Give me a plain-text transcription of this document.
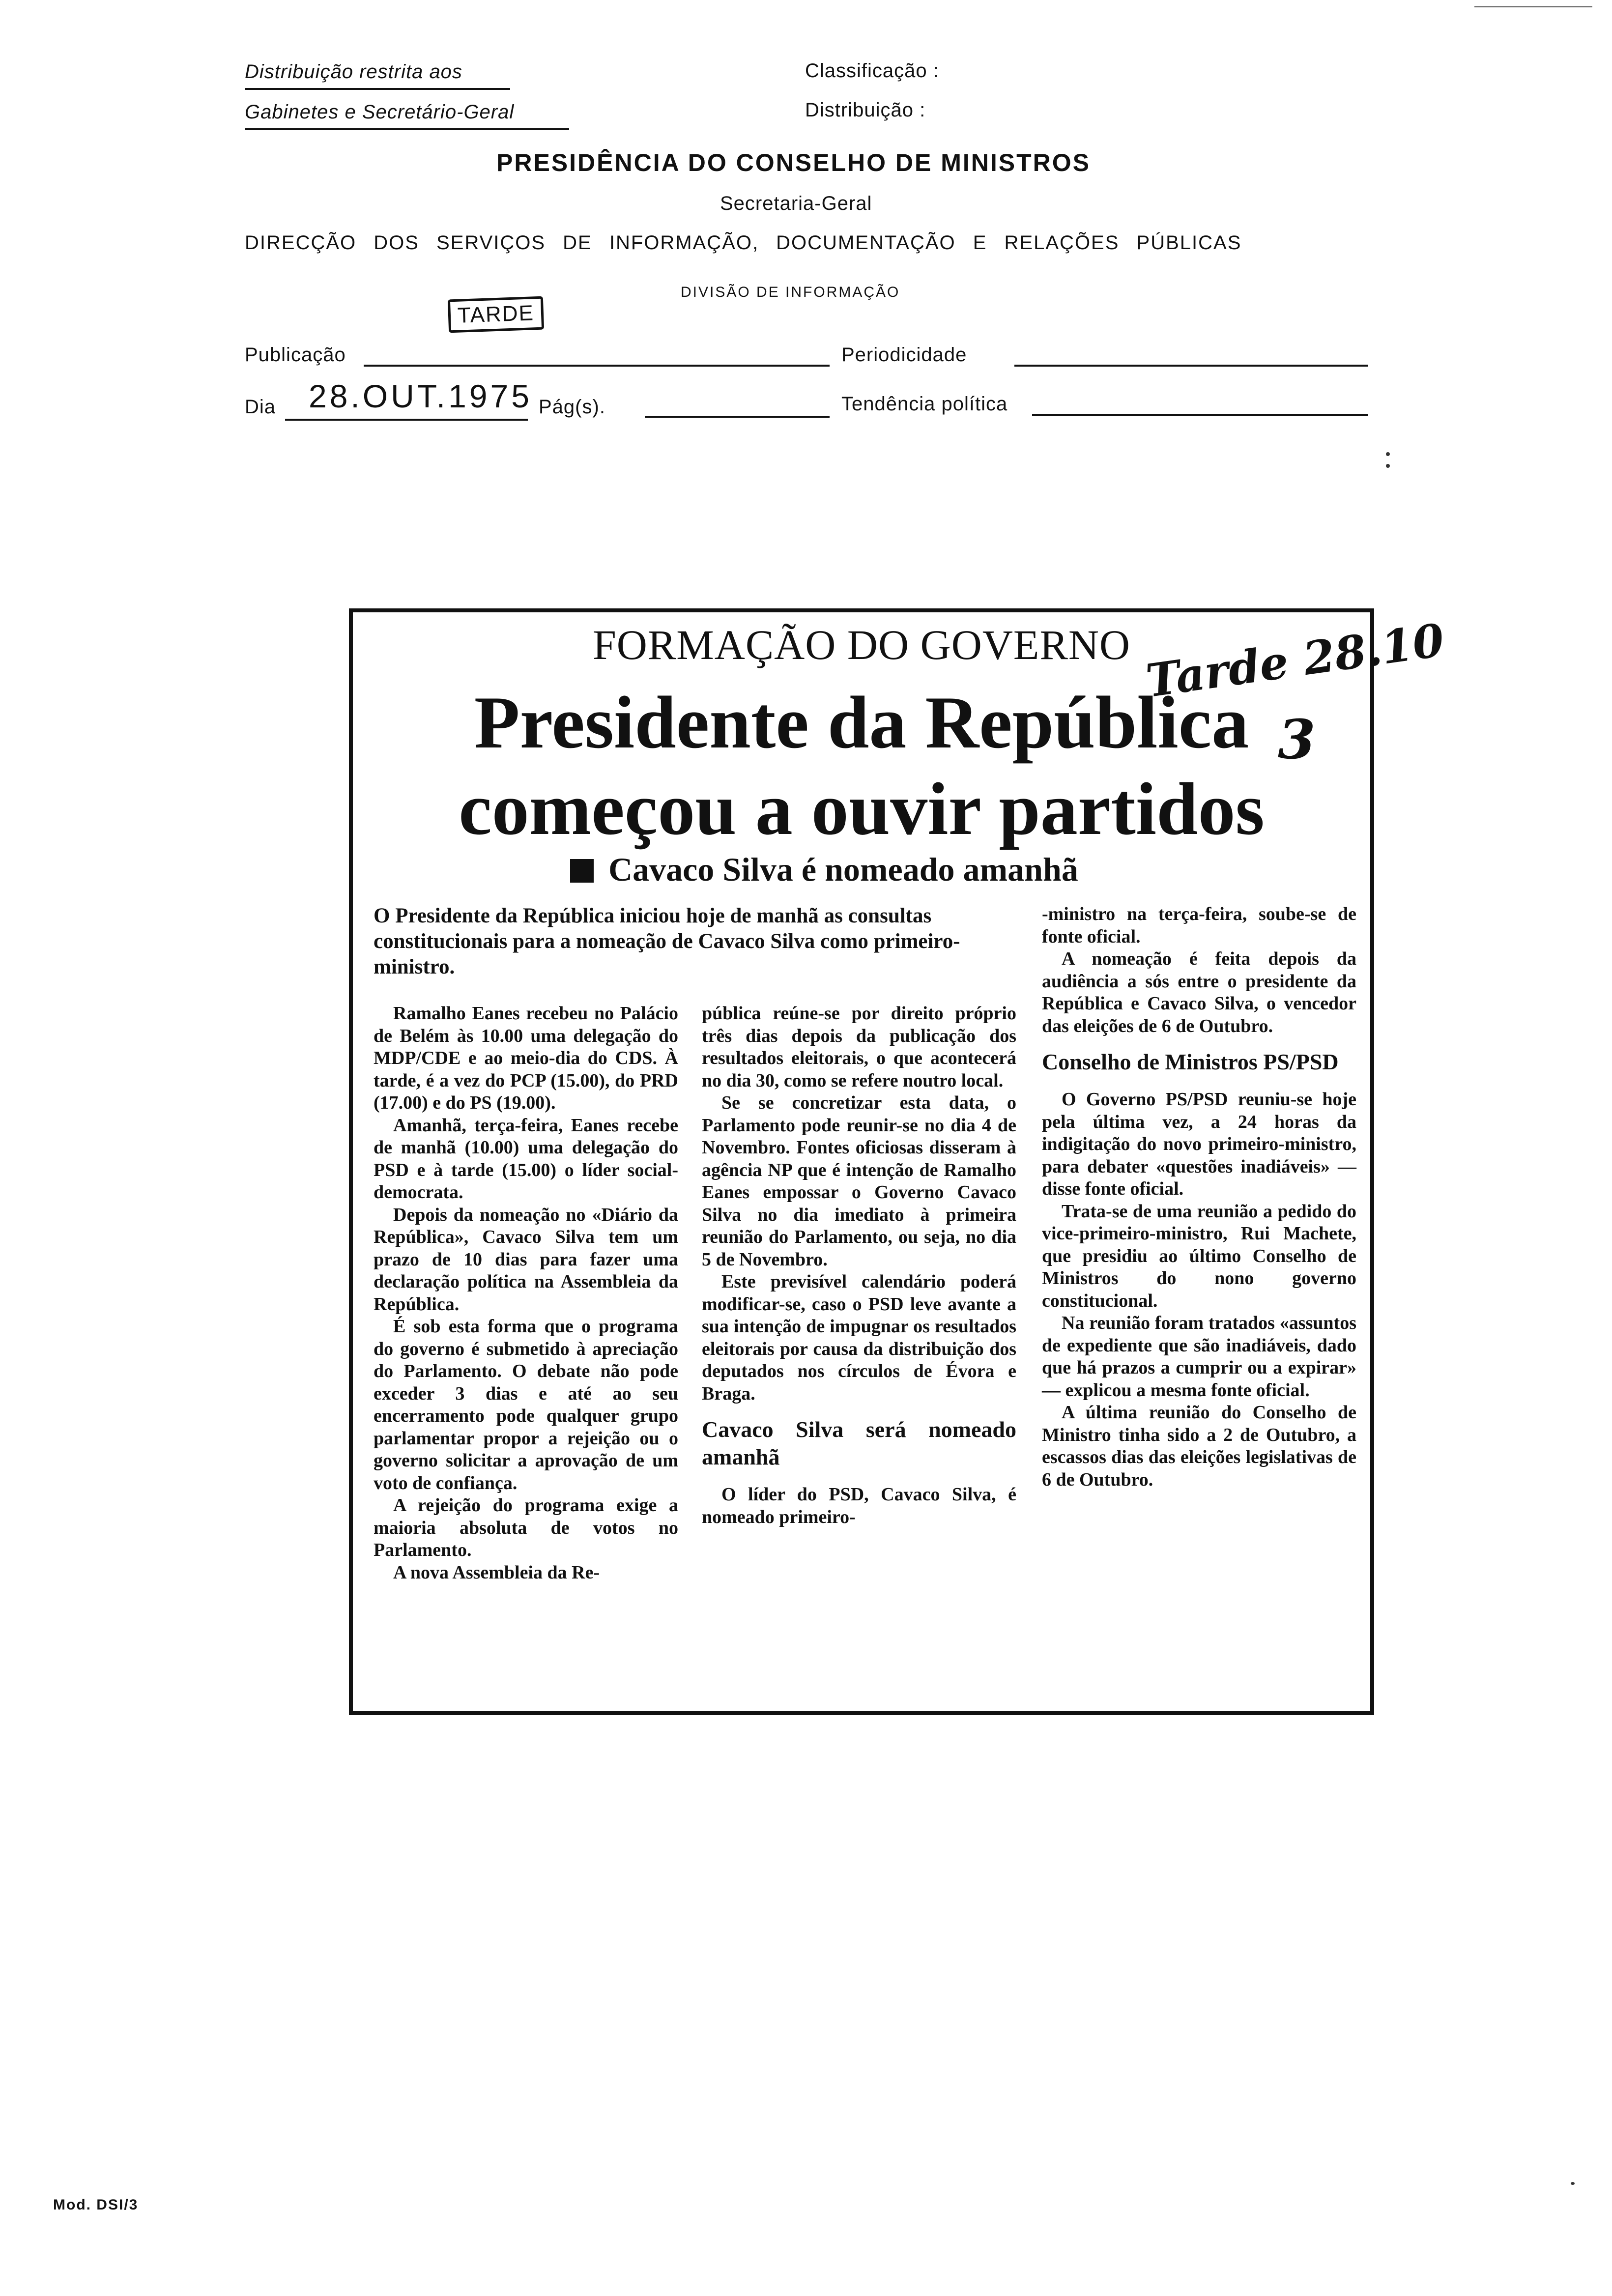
Distribuição restrita aos
Gabinetes e Secretário-Geral
Classificação :
Distribuição :
PRESIDÊNCIA DO CONSELHO DE MINISTROS
Secretaria-Geral
DIRECÇÃO DOS SERVIÇOS DE INFORMAÇÃO, DOCUMENTAÇÃO E RELAÇÕES PÚBLICAS
DIVISÃO DE INFORMAÇÃO
TARDE
Publicação	Periodicidade
Dia 28.OUT.1975 Pág(s).	Tendência política
FORMAÇÃO DO GOVERNO Tarde 28.10
Presidente da República
começou a ouvir partidos
3
Cavaco Silva é nomeado amanhã
O Presidente da República iniciou hoje de manhã as consultas constitucionais para a nomeação de Cavaco Silva como primeiro-ministro.

Ramalho Eanes recebeu no Palácio de Belém às 10.00 uma delegação do MDP/CDE e ao meio-dia do CDS. À tarde, é a vez do PCP (15.00), do PRD (17.00) e do PS (19.00).

Amanhã, terça-feira, Eanes recebe de manhã (10.00) uma delegação do PSD e à tarde (15.00) o líder social-democrata.

Depois da nomeação no «Diário da República», Cavaco Silva tem um prazo de 10 dias para fazer uma declaração política na Assembleia da República.

É sob esta forma que o programa do governo é submetido à apreciação do Parlamento. O debate não pode exceder 3 dias e até ao seu encerramento pode qualquer grupo parlamentar propor a rejeição ou o governo solicitar a aprovação de um voto de confiança.

A rejeição do programa exige a maioria absoluta de votos no Parlamento.

A nova Assembleia da Re-

pública reúne-se por direito próprio três dias depois da publicação dos resultados eleitorais, o que acontecerá no dia 30, como se refere noutro local.

Se se concretizar esta data, o Parlamento pode reunir-se no dia 4 de Novembro. Fontes oficiosas disseram à agência NP que é intenção de Ramalho Eanes empossar o Governo Cavaco Silva no dia imediato à primeira reunião do Parlamento, ou seja, no dia 5 de Novembro.

Este previsível calendário poderá modificar-se, caso o PSD leve avante a sua intenção de impugnar os resultados eleitorais por causa da distribuição dos deputados nos círculos de Évora e Braga.

Cavaco Silva será nomeado amanhã

O líder do PSD, Cavaco Silva, é nomeado primeiro-

-ministro na terça-feira, soube-se de fonte oficial.

A nomeação é feita depois da audiência a sós entre o presidente da República e Cavaco Silva, o vencedor das eleições de 6 de Outubro.

Conselho de Ministros PS/PSD

O Governo PS/PSD reuniu-se hoje pela última vez, a 24 horas da indigitação do novo primeiro-ministro, para debater «questões inadiáveis» — disse fonte oficial.

Trata-se de uma reunião a pedido do vice-primeiro-ministro, Rui Machete, que presidiu ao último Conselho de Ministros do nono governo constitucional.

Na reunião foram tratados «assuntos de expediente que são inadiáveis, dado que há prazos a cumprir ou a expirar» — explicou a mesma fonte oficial.

A última reunião do Conselho de Ministro tinha sido a 2 de Outubro, a escassos dias das eleições legislativas de 6 de Outubro.

Mod. DSI/3
